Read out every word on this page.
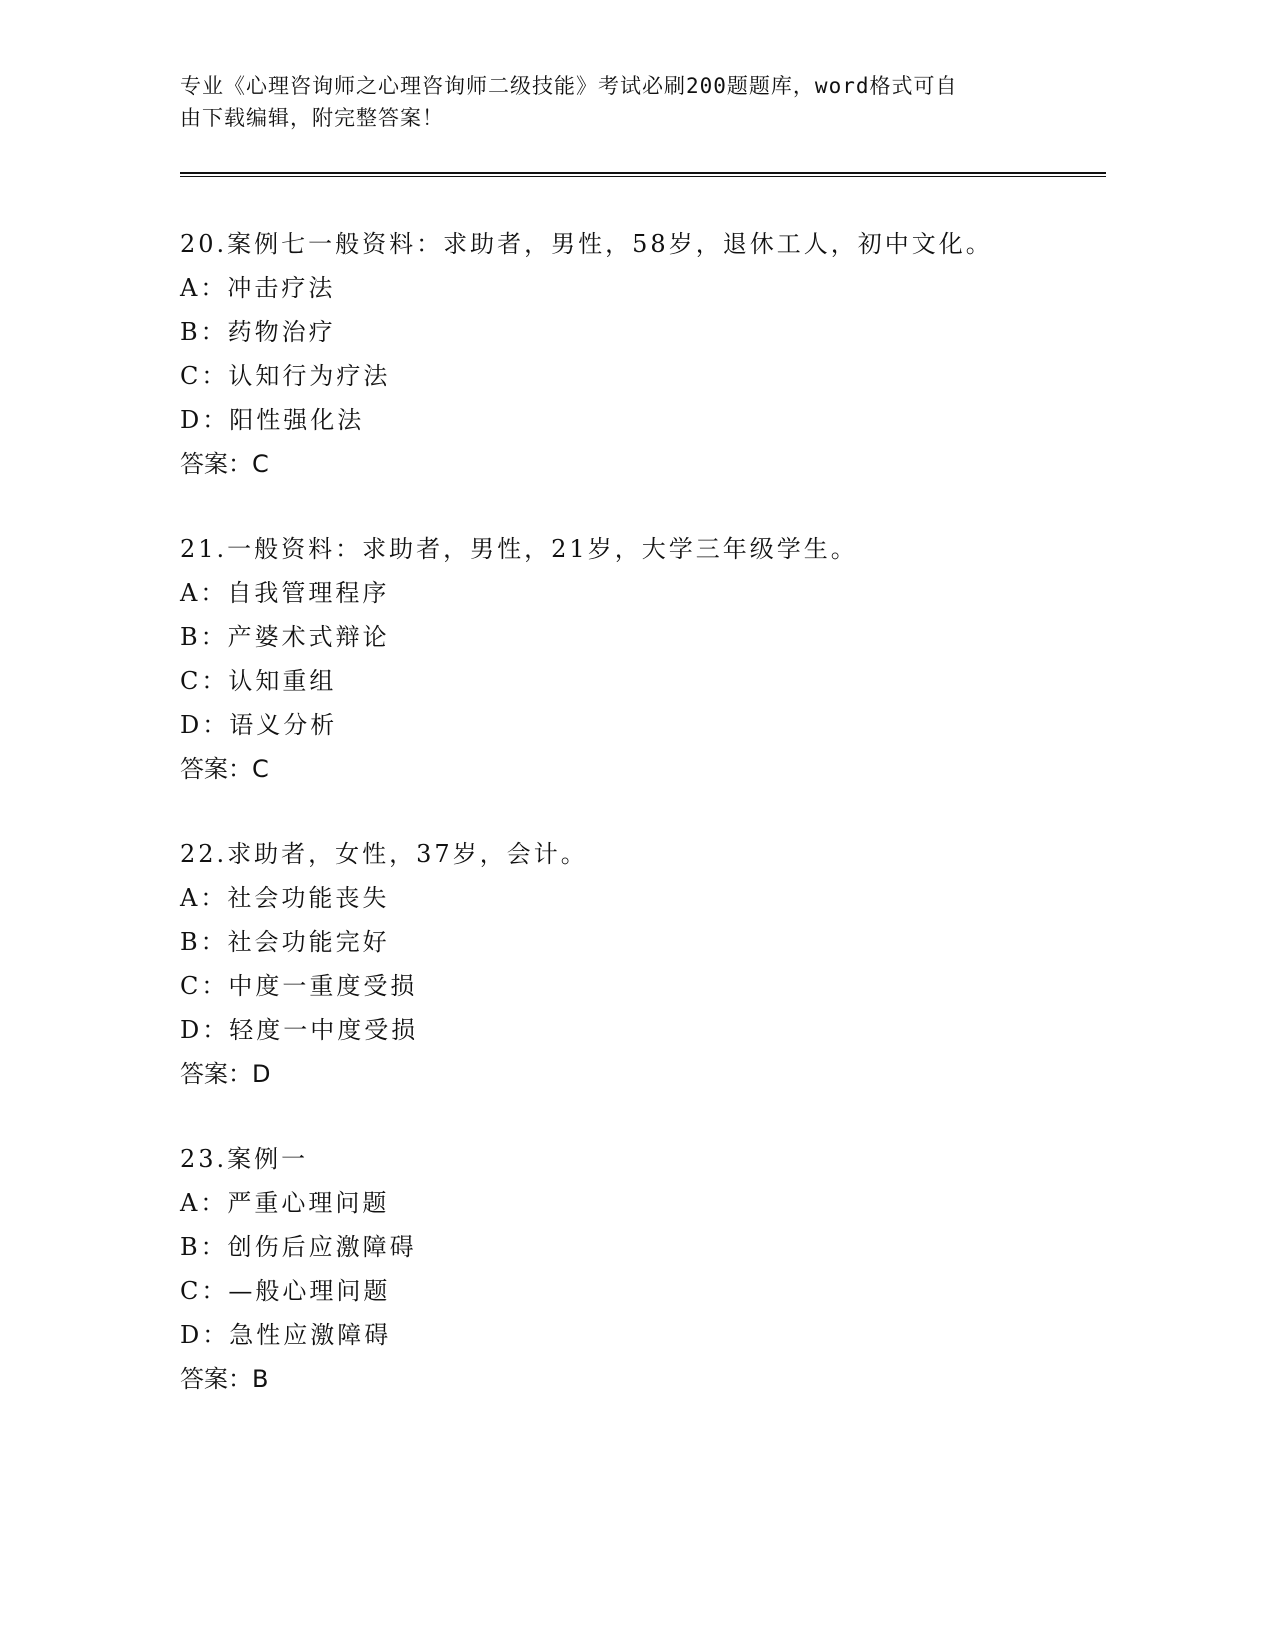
专业《心理咨询师之心理咨询师二级技能》考试必刷200题题库，word格式可自
由下载编辑，附完整答案！
20.案例七一般资料：求助者，男性，58岁，退休工人，初中文化。
A：冲击疗法
B：药物治疗
C：认知行为疗法
D：阳性强化法
答案：C
21.一般资料：求助者，男性，21岁，大学三年级学生。
A：自我管理程序
B：产婆术式辩论
C：认知重组
D：语义分析
答案：C
22.求助者，女性，37岁，会计。
A：社会功能丧失
B：社会功能完好
C：中度一重度受损
D：轻度一中度受损
答案：D
23.案例一
A：严重心理问题
B：创伤后应激障碍
C：—般心理问题
D：急性应激障碍
答案：B
